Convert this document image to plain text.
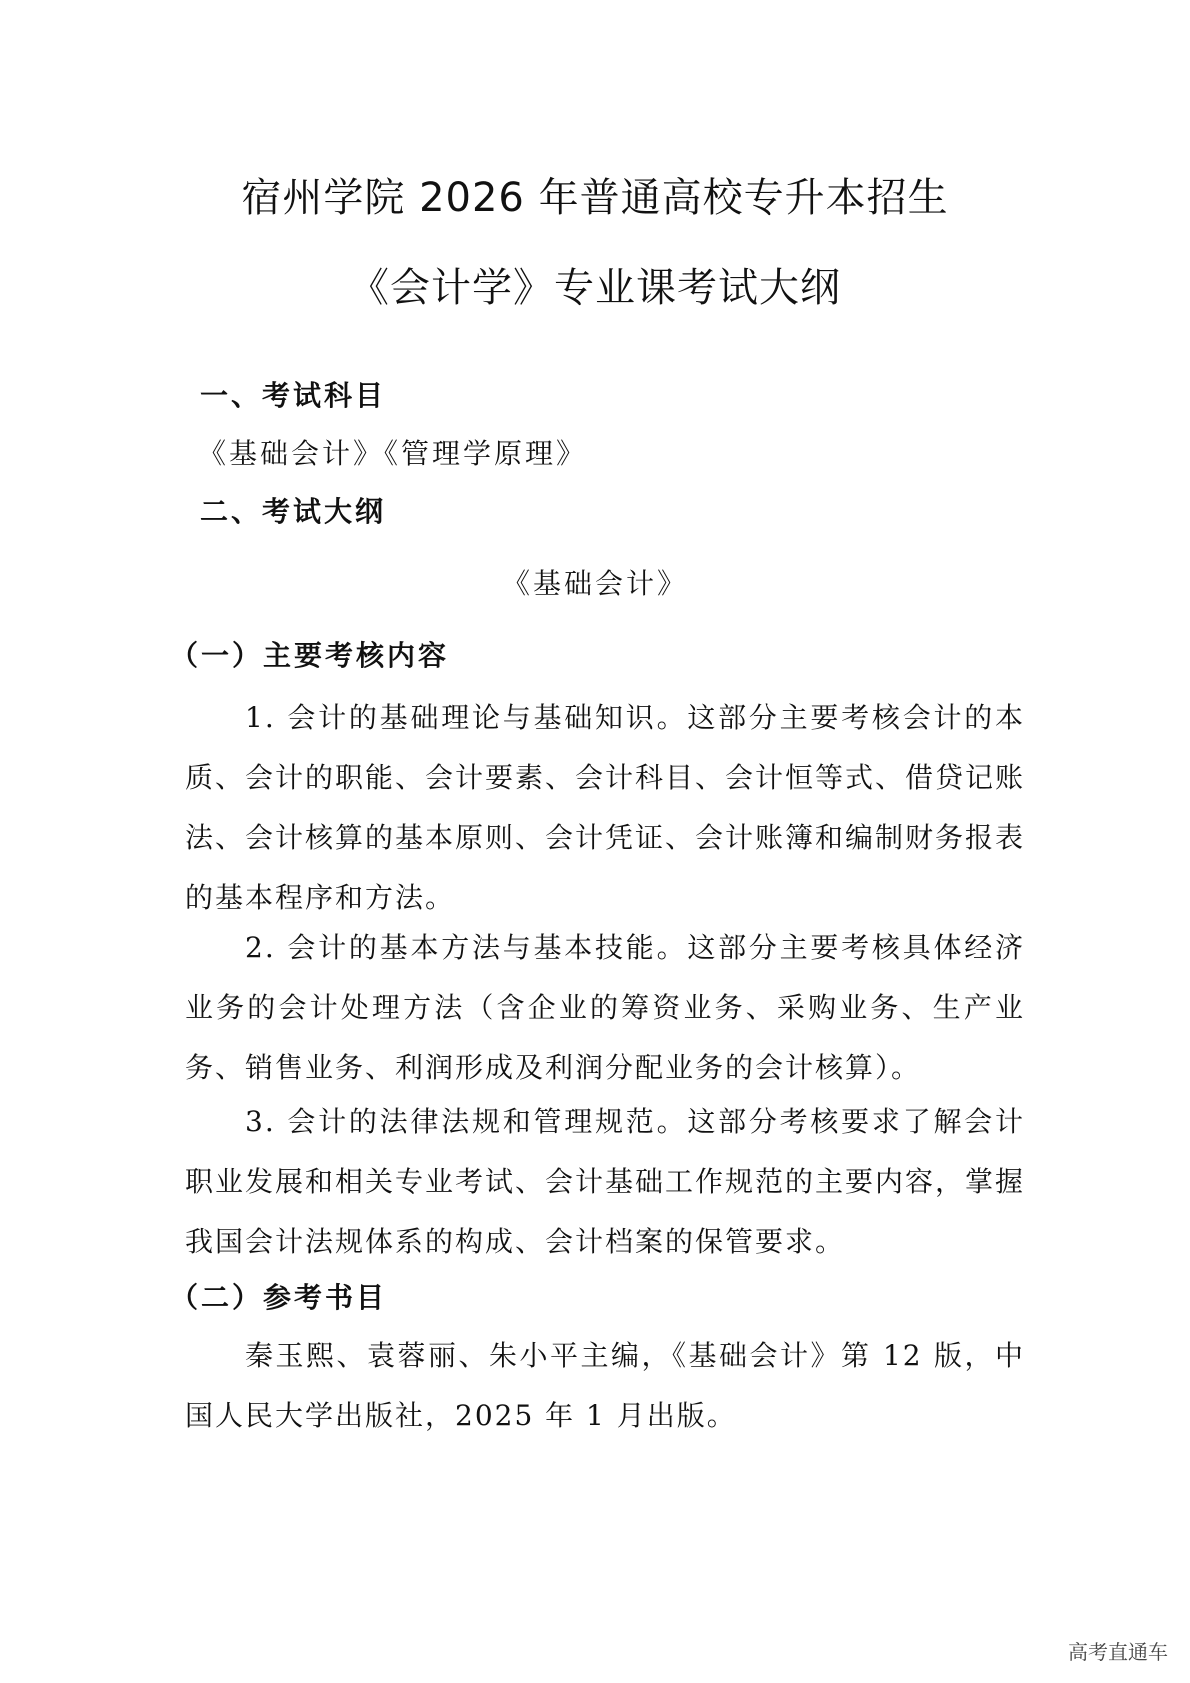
宿州学院 2026 年普通高校专升本招生
《会计学》专业课考试大纲
一、考试科目
《基础会计》《管理学原理》
二、考试大纲
《基础会计》
（一）主要考核内容
1. 会计的基础理论与基础知识。这部分主要考核会计的本质、会计的职能、会计要素、会计科目、会计恒等式、借贷记账法、会计核算的基本原则、会计凭证、会计账簿和编制财务报表的基本程序和方法。
2. 会计的基本方法与基本技能。这部分主要考核具体经济业务的会计处理方法（含企业的筹资业务、采购业务、生产业务、销售业务、利润形成及利润分配业务的会计核算）。
3. 会计的法律法规和管理规范。这部分考核要求了解会计职业发展和相关专业考试、会计基础工作规范的主要内容，掌握我国会计法规体系的构成、会计档案的保管要求。
（二）参考书目
秦玉熙、袁蓉丽、朱小平主编，《基础会计》第 12 版，中国人民大学出版社，2025 年 1 月出版。
高考直通车
